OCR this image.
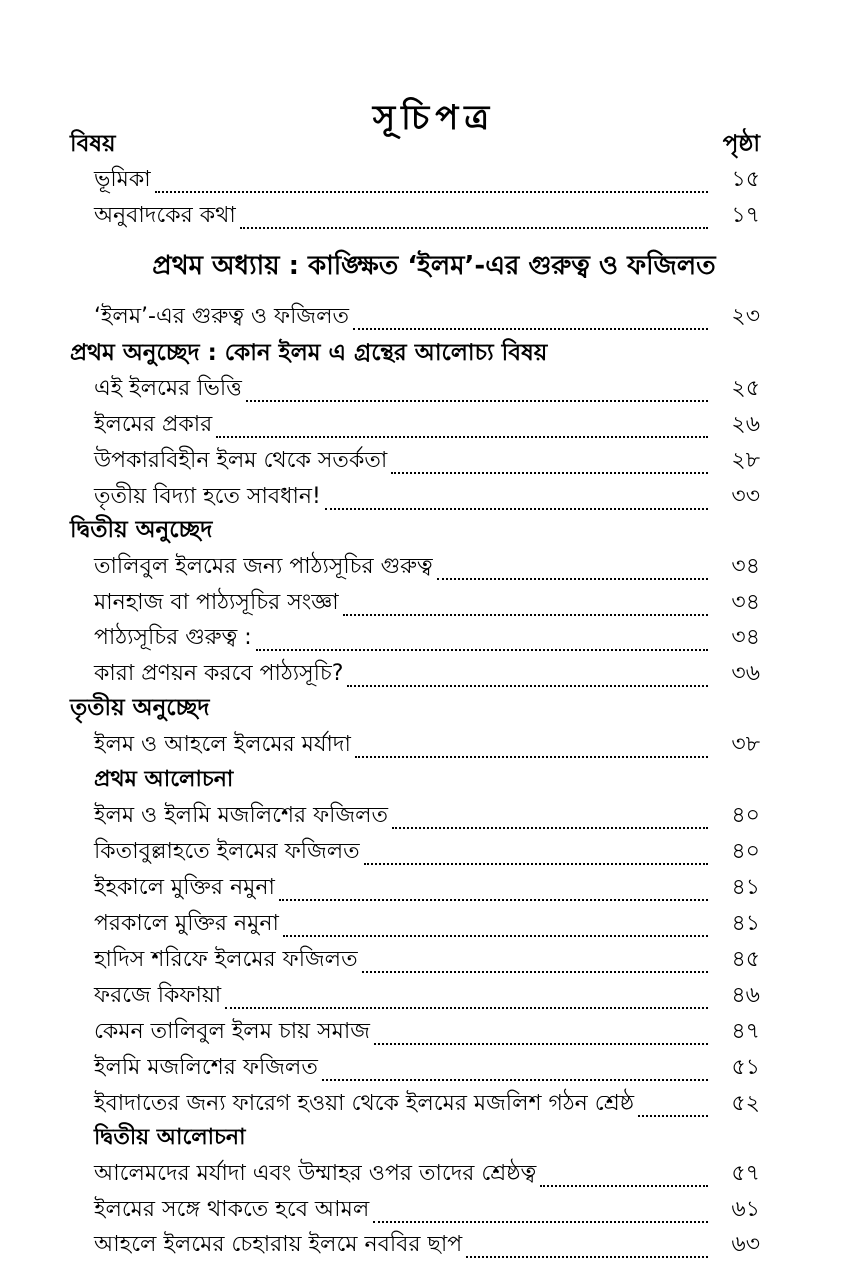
সূচিপত্র
বিষয়	পৃষ্ঠা
ভূমিকা	১৫
অনুবাদকের কথা	১৭
প্রথম অধ্যায় : কাঙ্ক্ষিত ‘ইলম’-এর গুরুত্ব ও ফজিলত
‘ইলম’-এর গুরুত্ব ও ফজিলত	২৩
প্রথম অনুচ্ছেদ : কোন ইলম এ গ্রন্থের আলোচ্য বিষয়
এই ইলমের ভিত্তি	২৫
ইলমের প্রকার	২৬
উপকারবিহীন ইলম থেকে সতর্কতা	২৮
তৃতীয় বিদ্যা হতে সাবধান!	৩৩
দ্বিতীয় অনুচ্ছেদ
তালিবুল ইলমের জন্য পাঠ্যসূচির গুরুত্ব	৩৪
মানহাজ বা পাঠ্যসূচির সংজ্ঞা	৩৪
পাঠ্যসূচির গুরুত্ব :	৩৪
কারা প্রণয়ন করবে পাঠ্যসূচি?	৩৬
তৃতীয় অনুচ্ছেদ
ইলম ও আহলে ইলমের মর্যাদা	৩৮
প্রথম আলোচনা
ইলম ও ইলমি মজলিশের ফজিলত	৪০
কিতাবুল্লাহতে ইলমের ফজিলত	৪০
ইহকালে মুক্তির নমুনা	৪১
পরকালে মুক্তির নমুনা	৪১
হাদিস শরিফে ইলমের ফজিলত	৪৫
ফরজে কিফায়া	৪৬
কেমন তালিবুল ইলম চায় সমাজ	৪৭
ইলমি মজলিশের ফজিলত	৫১
ইবাদাতের জন্য ফারেগ হওয়া থেকে ইলমের মজলিশ গঠন শ্রেষ্ঠ	৫২
দ্বিতীয় আলোচনা
আলেমদের মর্যাদা এবং উম্মাহর ওপর তাদের শ্রেষ্ঠত্ব	৫৭
ইলমের সঙ্গে থাকতে হবে আমল	৬১
আহলে ইলমের চেহারায় ইলমে নববির ছাপ	৬৩
